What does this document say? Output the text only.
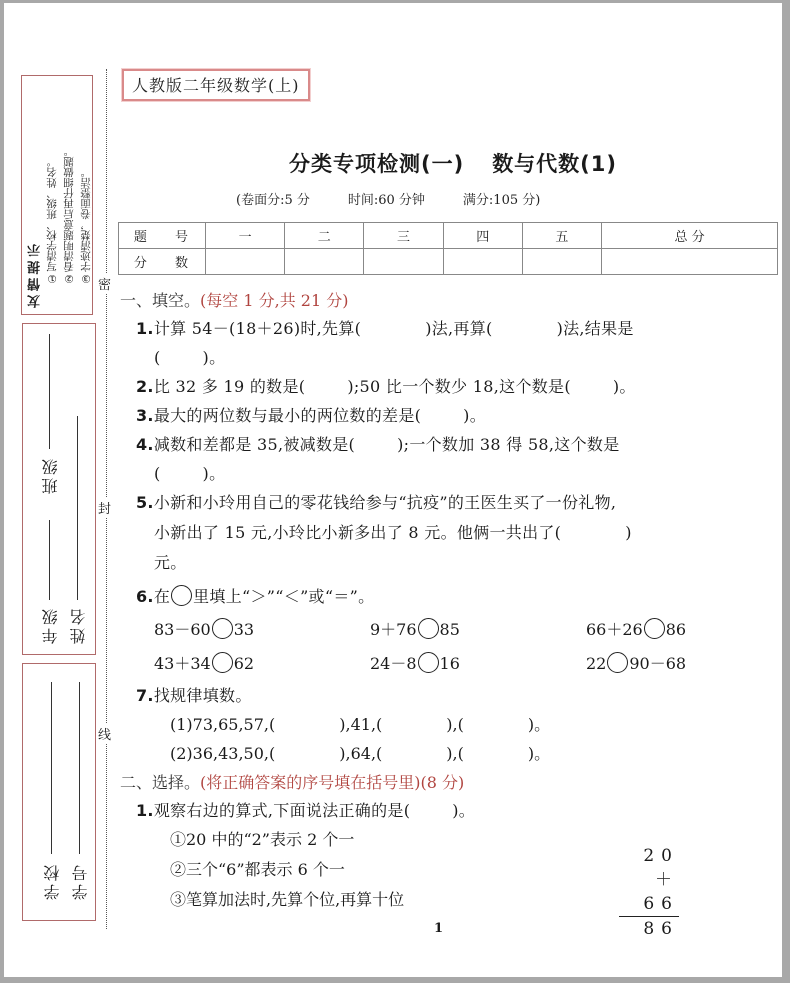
友情提示 ①写清学校、班级、姓名。 ②看清明题意后再仔细做题。 ③字迹清楚，卷面整洁。
班级
年级 姓名
学校 学号
密
封
线
人教版二年级数学(上)
分类专项检测(一) 数与代数(1)
(卷面分:5 分	时间:60 分钟	满分:105 分)
题 号	一	二	三	四	五	总 分
分 数						
一、填空。(每空 1 分,共 21 分)
1.计算 54－(18＋26)时,先算(	)法,再算(	)法,结果是
(	)。
2.比 32 多 19 的数是(	);50 比一个数少 18,这个数是(	)。
3.最大的两位数与最小的两位数的差是(	)。
4.减数和差都是 35,被减数是(	);一个数加 38 得 58,这个数是
(	)。
5.小新和小玲用自己的零花钱给参与“抗疫”的王医生买了一份礼物,
小新出了 15 元,小玲比小新多出了 8 元。他俩一共出了(	)
元。
6.在 里填上“＞”“＜”或“＝”。
83－60 33	9＋76 85	66＋26 86
43＋34 62	24－8 16	22 90－68
7.找规律填数。
(1)73,65,57,(	),41,(	),(	)。
(2)36,43,50,(	),64,(	),(	)。
二、选择。(将正确答案的序号填在括号里)(8 分)
1.观察右边的算式,下面说法正确的是(	)。
①20 中的“2”表示 2 个一
②三个“6”都表示 6 个一
③笔算加法时,先算个位,再算十位
20
＋66
86
1
